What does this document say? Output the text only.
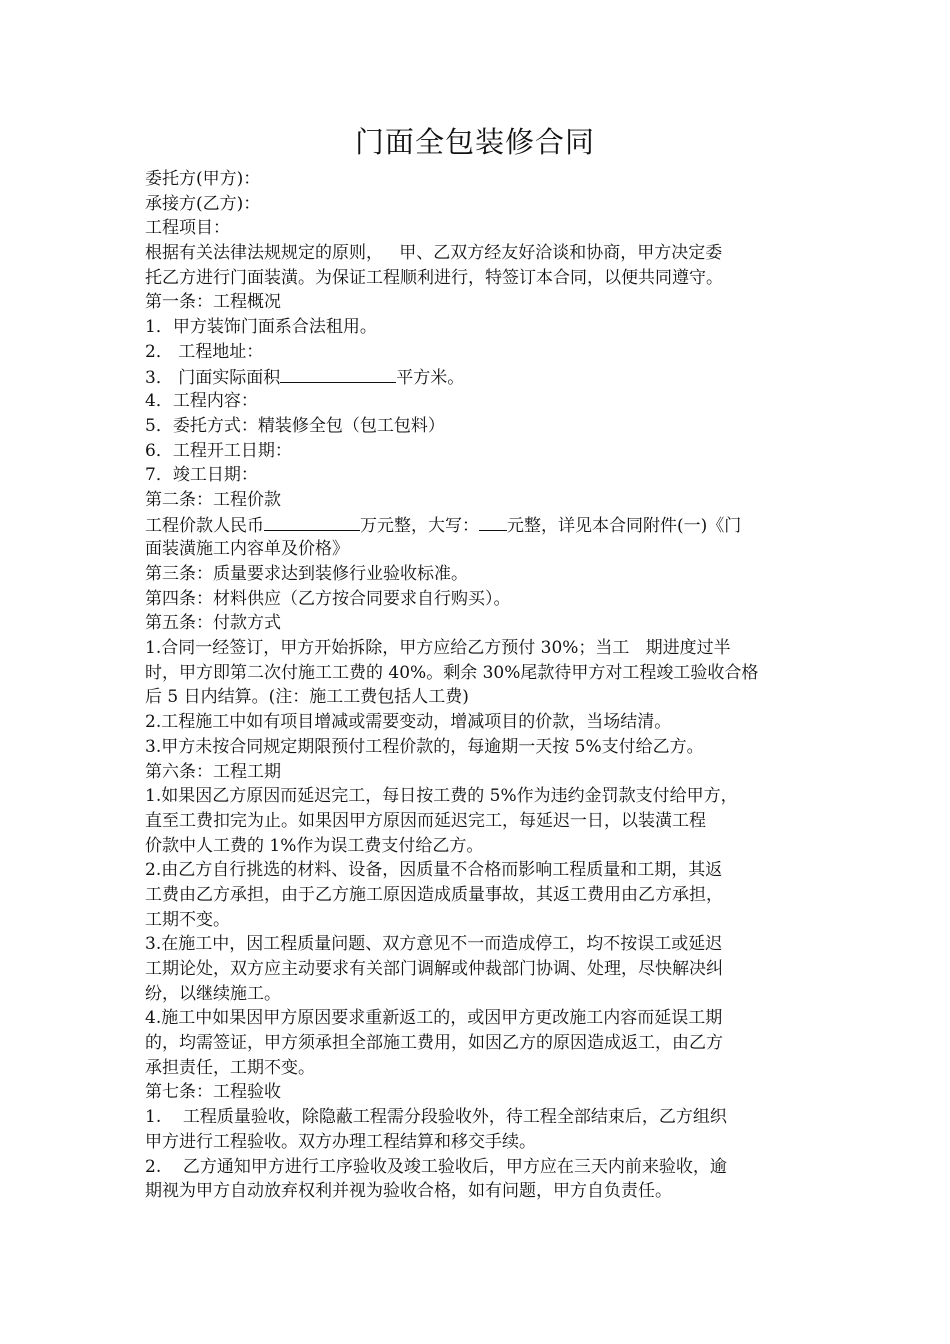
门面全包装修合同
委托方(甲方)：
承接方(乙方)：
工程项目：
根据有关法律法规规定的原则，   甲、乙双方经友好洽谈和协商，甲方决定委
托乙方进行门面装潢。为保证工程顺利进行，特签订本合同，以便共同遵守。
第一条：工程概况
1．甲方装饰门面系合法租用。
2． 工程地址：
3． 门面实际面积	平方米。
4．工程内容：
5．委托方式：精装修全包（包工包料）
6．工程开工日期：
7．竣工日期：
第二条：工程价款
工程价款人民币	万元整，大写： 元整，详见本合同附件(一)《门
面装潢施工内容单及价格》
第三条：质量要求达到装修行业验收标准。
第四条：材料供应（乙方按合同要求自行购买）。
第五条：付款方式
1.合同一经签订，甲方开始拆除，甲方应给乙方预付 30%；当工   期进度过半
时，甲方即第二次付施工工费的 40%。剩余 30%尾款待甲方对工程竣工验收合格
后 5 日内结算。(注：施工工费包括人工费)
2.工程施工中如有项目增减或需要变动，增减项目的价款，当场结清。
3.甲方未按合同规定期限预付工程价款的，每逾期一天按 5%支付给乙方。
第六条：工程工期
1.如果因乙方原因而延迟完工，每日按工费的 5%作为违约金罚款支付给甲方，
直至工费扣完为止。如果因甲方原因而延迟完工，每延迟一日，以装潢工程
价款中人工费的 1%作为误工费支付给乙方。
2.由乙方自行挑选的材料、设备，因质量不合格而影响工程质量和工期，其返
工费由乙方承担，由于乙方施工原因造成质量事故，其返工费用由乙方承担，
工期不变。
3.在施工中，因工程质量问题、双方意见不一而造成停工，均不按误工或延迟
工期论处，双方应主动要求有关部门调解或仲裁部门协调、处理，尽快解决纠
纷，以继续施工。
4.施工中如果因甲方原因要求重新返工的，或因甲方更改施工内容而延误工期
的，均需签证，甲方须承担全部施工费用，如因乙方的原因造成返工，由乙方
承担责任，工期不变。
第七条：工程验收
1.    工程质量验收，除隐蔽工程需分段验收外，待工程全部结束后，乙方组织
甲方进行工程验收。双方办理工程结算和移交手续。
2.    乙方通知甲方进行工序验收及竣工验收后，甲方应在三天内前来验收，逾
期视为甲方自动放弃权利并视为验收合格，如有问题，甲方自负责任。
